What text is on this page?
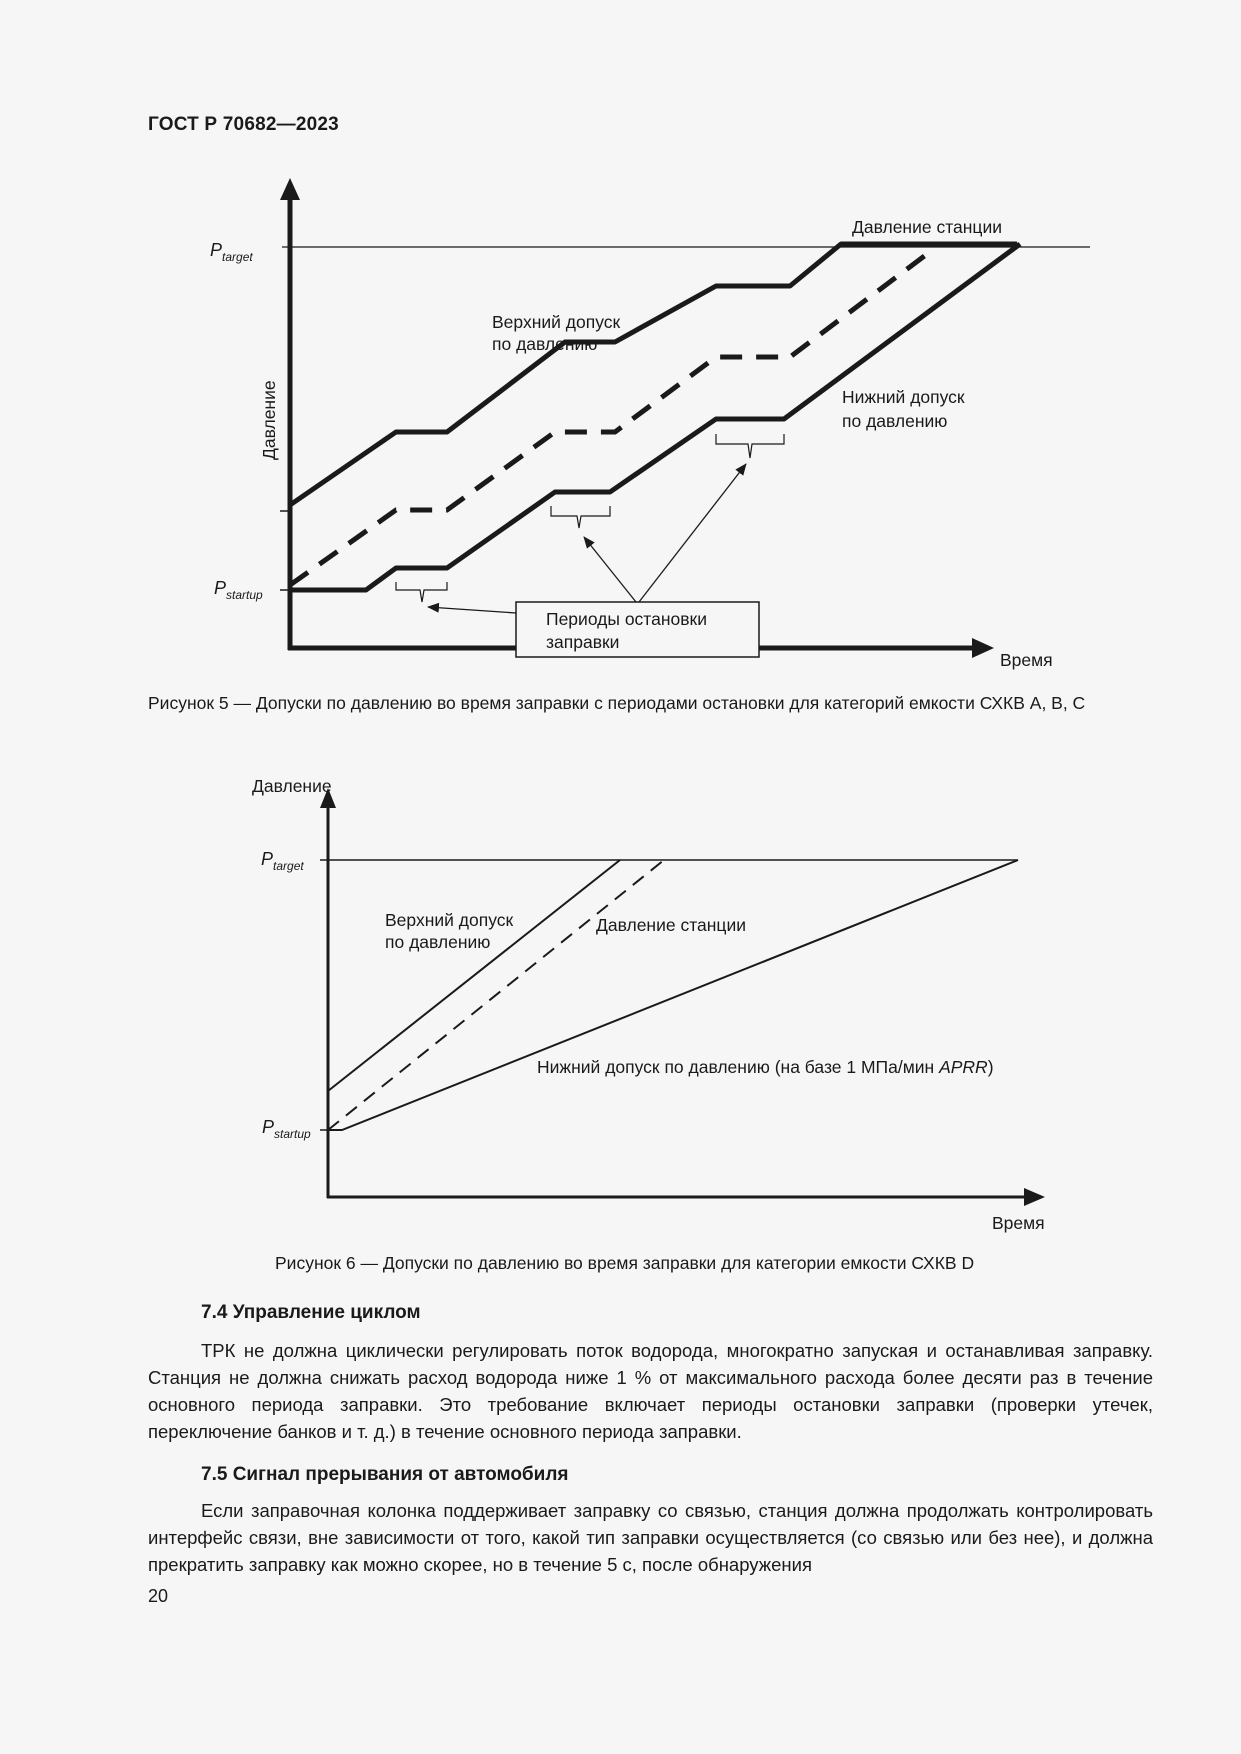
ГОСТ Р 70682—2023
Периоды остановки
заправки
$P_{target}$
$P_{startup}$
Давление
Время
Давление станции
Верхний допуск
по давлению
Нижний допуск
по давлению
Рисунок 5 — Допуски по давлению во время заправки с периодами остановки для категорий емкости СХКВ А, В, С
Давление
Время
$P_{target}$
$P_{startup}$
Верхний допуск
по давлению
Давление станции
Нижний допуск по давлению (на базе 1 МПа/мин APRR)
Рисунок 6 — Допуски по давлению во время заправки для категории емкости СХКВ D
7.4 Управление циклом

ТРК не должна циклически регулировать поток водорода, многократно запуская и останавливая заправку. Станция не должна снижать расход водорода ниже 1 % от максимального расхода более десяти раз в течение основного периода заправки. Это требование включает периоды остановки заправки (проверки утечек, переключение банков и т. д.) в течение основного периода заправки.

7.5 Сигнал прерывания от автомобиля

Если заправочная колонка поддерживает заправку со связью, станция должна продолжать контролировать интерфейс связи, вне зависимости от того, какой тип заправки осуществляется (со связью или без нее), и должна прекратить заправку как можно скорее, но в течение 5 с, после обнаружения

20
